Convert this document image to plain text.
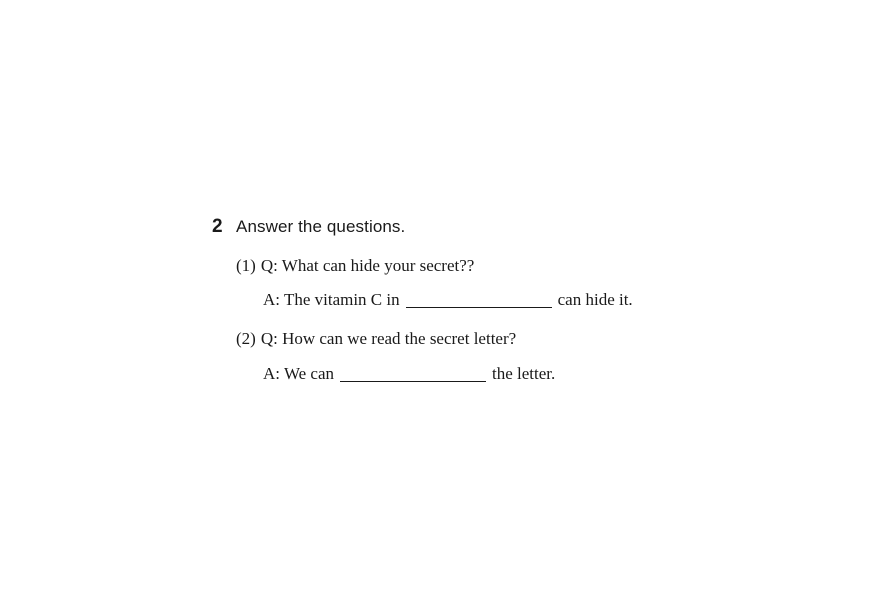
2 Answer the questions.
(1) Q: What can hide your secret??
A: The vitamin C in	can hide it.
(2) Q: How can we read the secret letter?
A: We can	the letter.
